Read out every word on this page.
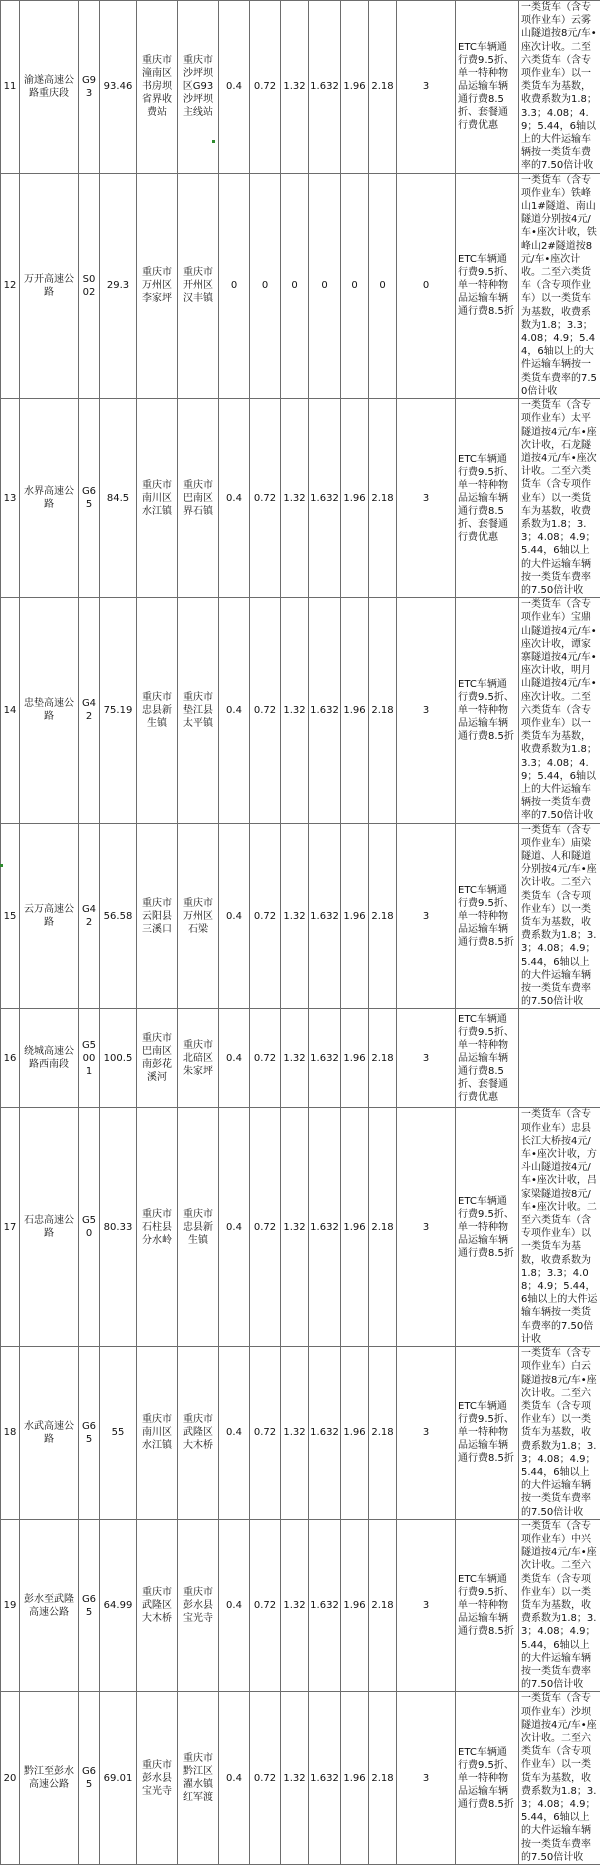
11	渝遂高速公路重庆段	G93	93.46	重庆市潼南区书房坝省界收费站	重庆市沙坪坝区G93沙坪坝主线站	0.4	0.72	1.32	1.632	1.96	2.18	3	ETC车辆通行费9.5折、单一特种物品运输车辆通行费8.5折、套餐通行费优惠	一类货车（含专项作业车）云雾山隧道按8元/车•座次计收。二至六类货车（含专项作业车）以一类货车为基数，收费系数为1.8；3.3；4.08；4.9；5.44，6轴以上的大件运输车辆按一类货车费率的7.50倍计收
12	万开高速公路	S002	29.3	重庆市万州区李家坪	重庆市开州区汉丰镇	0	0	0	0	0	0	0	ETC车辆通行费9.5折、单一特种物品运输车辆通行费8.5折	一类货车（含专项作业车）铁峰山1#隧道、南山隧道分别按4元/车•座次计收，铁峰山2#隧道按8元/车•座次计收。二至六类货车（含专项作业车）以一类货车为基数，收费系数为1.8；3.3；4.08；4.9；5.44，6轴以上的大件运输车辆按一类货车费率的7.50倍计收
13	水界高速公路	G65	84.5	重庆市南川区水江镇	重庆市巴南区界石镇	0.4	0.72	1.32	1.632	1.96	2.18	3	ETC车辆通行费9.5折、单一特种物品运输车辆通行费8.5折、套餐通行费优惠	一类货车（含专项作业车）太平隧道按4元/车•座次计收，石龙隧道按4元/车•座次计收。二至六类货车（含专项作业车）以一类货车为基数，收费系数为1.8；3.3；4.08；4.9；5.44，6轴以上的大件运输车辆按一类货车费率的7.50倍计收
14	忠垫高速公路	G42	75.19	重庆市忠县新生镇	重庆市垫江县太平镇	0.4	0.72	1.32	1.632	1.96	2.18	3	ETC车辆通行费9.5折、单一特种物品运输车辆通行费8.5折	一类货车（含专项作业车）宝鼎山隧道按4元/车•座次计收，谭家寨隧道按4元/车•座次计收，明月山隧道按4元/车•座次计收。二至六类货车（含专项作业车）以一类货车为基数，收费系数为1.8；3.3；4.08；4.9；5.44，6轴以上的大件运输车辆按一类货车费率的7.50倍计收
15	云万高速公路	G42	56.58	重庆市云阳县三溪口	重庆市万州区石梁	0.4	0.72	1.32	1.632	1.96	2.18	3	ETC车辆通行费9.5折、单一特种物品运输车辆通行费8.5折	一类货车（含专项作业车）庙梁隧道、人和隧道分别按4元/车•座次计收。二至六类货车（含专项作业车）以一类货车为基数，收费系数为1.8；3.3；4.08；4.9；5.44，6轴以上的大件运输车辆按一类货车费率的7.50倍计收
16	绕城高速公路西南段	G5001	100.5	重庆市巴南区南彭花溪河	重庆市北碚区朱家坪	0.4	0.72	1.32	1.632	1.96	2.18	3	ETC车辆通行费9.5折、单一特种物品运输车辆通行费8.5折、套餐通行费优惠	
17	石忠高速公路	G50	80.33	重庆市石柱县分水岭	重庆市忠县新生镇	0.4	0.72	1.32	1.632	1.96	2.18	3	ETC车辆通行费9.5折、单一特种物品运输车辆通行费8.5折	一类货车（含专项作业车）忠县长江大桥按4元/车•座次计收，方斗山隧道按4元/车•座次计收，吕家梁隧道按8元/车•座次计收。二至六类货车（含专项作业车）以一类货车为基数，收费系数为1.8；3.3；4.08；4.9；5.44，6轴以上的大件运输车辆按一类货车费率的7.50倍计收
18	水武高速公路	G65	55	重庆市南川区水江镇	重庆市武隆区大木桥	0.4	0.72	1.32	1.632	1.96	2.18	3	ETC车辆通行费9.5折、单一特种物品运输车辆通行费8.5折	一类货车（含专项作业车）白云隧道按8元/车•座次计收。二至六类货车（含专项作业车）以一类货车为基数，收费系数为1.8；3.3；4.08；4.9；5.44，6轴以上的大件运输车辆按一类货车费率的7.50倍计收
19	彭水至武隆高速公路	G65	64.99	重庆市武隆区大木桥	重庆市彭水县宝光寺	0.4	0.72	1.32	1.632	1.96	2.18	3	ETC车辆通行费9.5折、单一特种物品运输车辆通行费8.5折	一类货车（含专项作业车）中兴隧道按4元/车•座次计收。二至六类货车（含专项作业车）以一类货车为基数，收费系数为1.8；3.3；4.08；4.9；5.44，6轴以上的大件运输车辆按一类货车费率的7.50倍计收
20	黔江至彭水高速公路	G65	69.01	重庆市彭水县宝光寺	重庆市黔江区濯水镇红军渡	0.4	0.72	1.32	1.632	1.96	2.18	3	ETC车辆通行费9.5折、单一特种物品运输车辆通行费8.5折	一类货车（含专项作业车）沙坝隧道按4元/车•座次计收。二至六类货车（含专项作业车）以一类货车为基数，收费系数为1.8；3.3；4.08；4.9；5.44，6轴以上的大件运输车辆按一类货车费率的7.50倍计收
